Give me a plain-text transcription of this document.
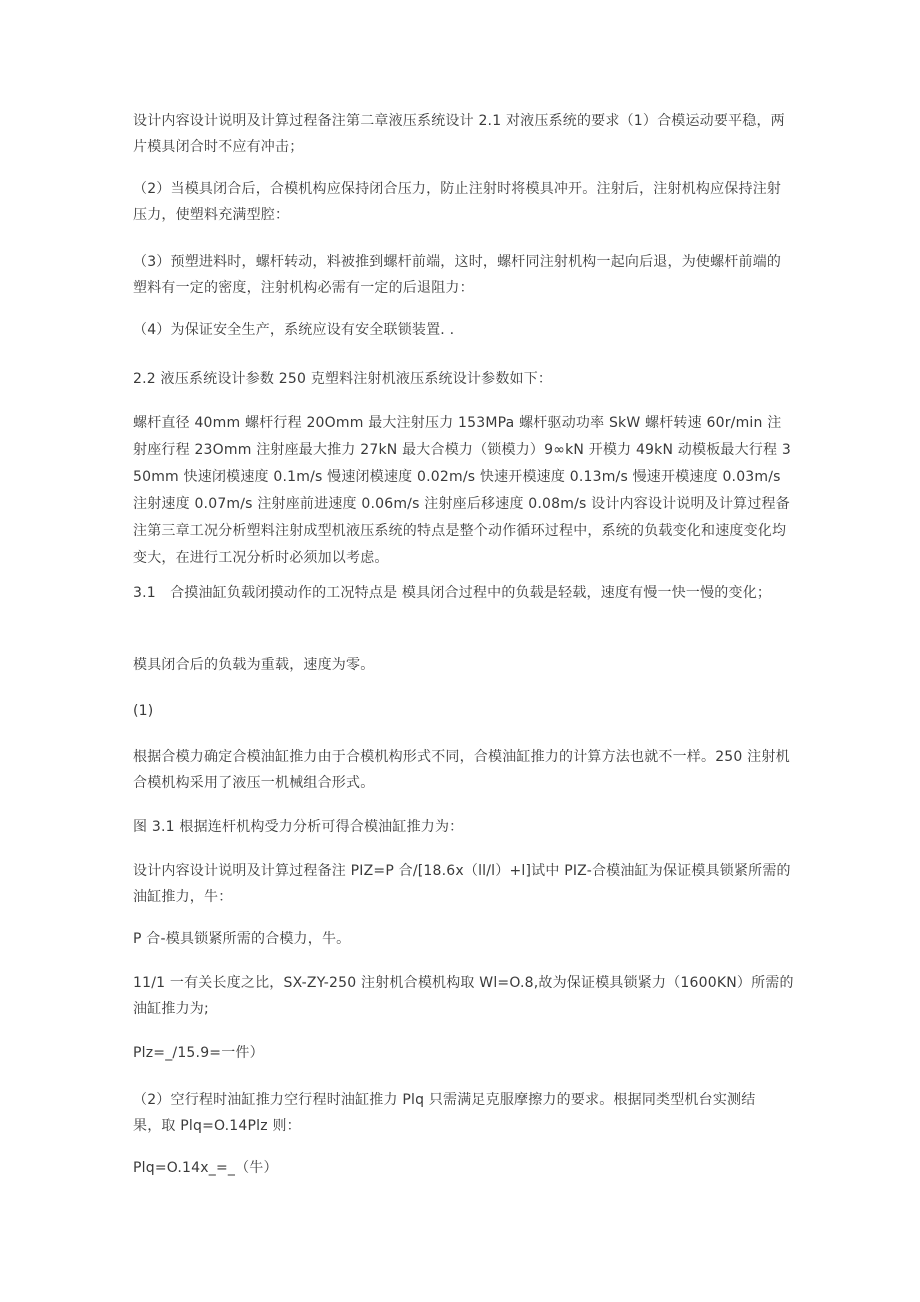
设计内容设计说明及计算过程备注第二章液压系统设计 2.1 对液压系统的要求（1）合模运动要平稳，两片模具闭合时不应有冲击；

（2）当模具闭合后，合模机构应保持闭合压力，防止注射时将模具冲开。注射后，注射机构应保持注射压力，使塑料充满型腔：

（3）预塑进料时，螺杆转动，料被推到螺杆前端，这时，螺杆同注射机构一起向后退，为使螺杆前端的塑料有一定的密度，注射机构必需有一定的后退阻力：

（4）为保证安全生产，系统应设有安全联锁装置. .

2.2 液压系统设计参数 250 克塑料注射机液压系统设计参数如下：

螺杆直径 40mm 螺杆行程 20Omm 最大注射压力 153MPa 螺杆驱动功率 SkW 螺杆转速 60r/min 注射座行程 23Omm 注射座最大推力 27kN 最大合模力（锁模力）9∞kN 开模力 49kN 动模板最大行程 350mm 快速闭模速度 0.1m/s 慢速闭模速度 0.02m∕s 快速开模速度 0.13m∕s 慢速开模速度 0.03m∕s 注射速度 0.07m∕s 注射座前进速度 0.06m∕s 注射座后移速度 0.08m∕s 设计内容设计说明及计算过程备注第三章工况分析塑料注射成型机液压系统的特点是整个动作循环过程中，系统的负载变化和速度变化均变大，在进行工况分析时必须加以考虑。

3.1　合摸油缸负载闭摸动作的工况特点是 模具闭合过程中的负载是轻载，速度有慢一快一慢的变化；

模具闭合后的负载为重载，速度为零。

(1)

根据合模力确定合模油缸推力由于合模机构形式不同，合模油缸推力的计算方法也就不一样。250 注射机合模机构采用了液压一机械组合形式。

图 3.1 根据连杆机构受力分析可得合模油缸推力为：

设计内容设计说明及计算过程备注 PIZ=P 合/[18.6x（ll/l）+l]试中 PIZ-合模油缸为保证模具锁紧所需的油缸推力，牛：

P 合-模具锁紧所需的合模力，牛。

11/1 一有关长度之比，SX-ZY-250 注射机合模机构取 Wl=O.8,故为保证模具锁紧力（1600KN）所需的油缸推力为;

Plz=_/15.9=一件）

（2）空行程时油缸推力空行程时油缸推力 Plq 只需满足克服摩擦力的要求。根据同类型机台实测结果，取 Plq=O.14Plz 则：

Plq=O.14x_=_（牛）
